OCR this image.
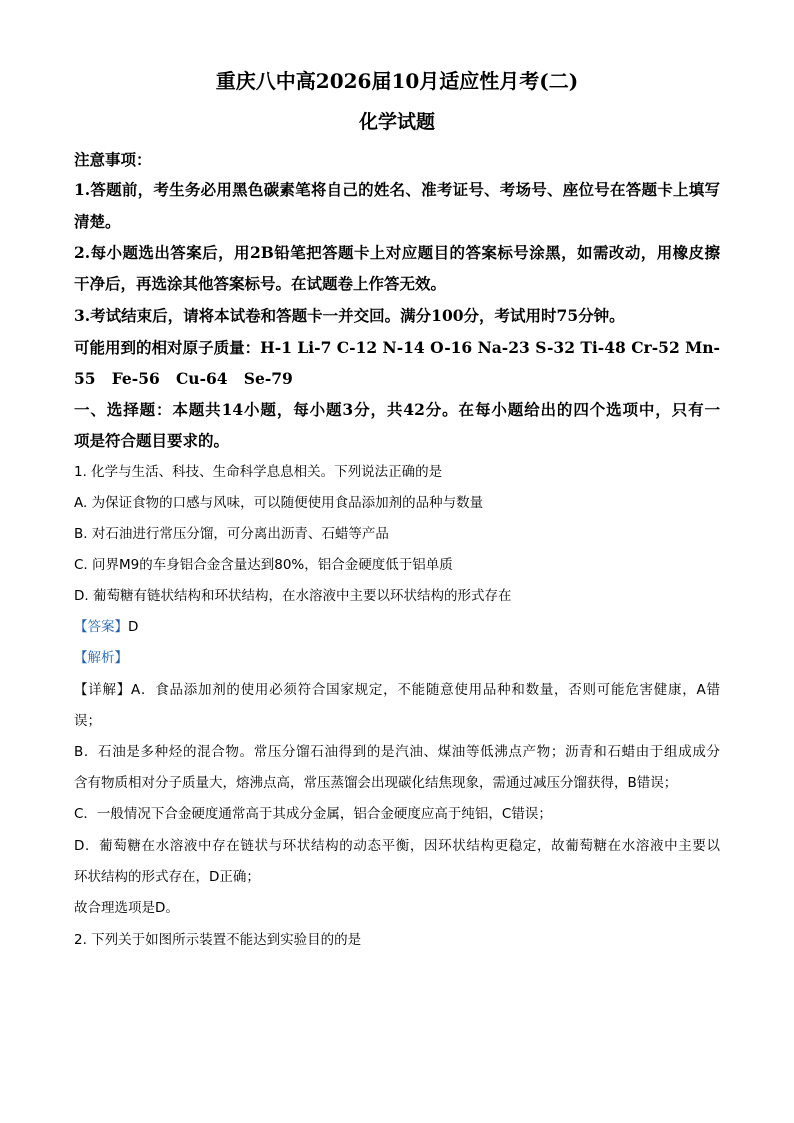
重庆八中高2026届10月适应性月考(二)
化学试题
注意事项：
1.答题前，考生务必用黑色碳素笔将自己的姓名、准考证号、考场号、座位号在答题卡上填写
清楚。
2.每小题选出答案后，用2B铅笔把答题卡上对应题目的答案标号涂黑，如需改动，用橡皮擦
干净后，再选涂其他答案标号。在试题卷上作答无效。
3.考试结束后，请将本试卷和答题卡一并交回。满分100分，考试用时75分钟。
可能用到的相对原子质量：H-1 Li-7 C-12 N-14 O-16 Na-23 S-32 Ti-48 Cr-52 Mn-
55   Fe-56   Cu-64   Se-79
一、选择题：本题共14小题，每小题3分，共42分。在每小题给出的四个选项中，只有一
项是符合题目要求的。
1. 化学与生活、科技、生命科学息息相关。下列说法正确的是
A. 为保证食物的口感与风味，可以随便使用食品添加剂的品种与数量
B. 对石油进行常压分馏，可分离出沥青、石蜡等产品
C. 问界M9的车身铝合金含量达到80%，铝合金硬度低于铝单质
D. 葡萄糖有链状结构和环状结构，在水溶液中主要以环状结构的形式存在
【答案】D
【解析】
【详解】A．食品添加剂的使用必须符合国家规定，不能随意使用品种和数量，否则可能危害健康，A错
误；
B．石油是多种烃的混合物。常压分馏石油得到的是汽油、煤油等低沸点产物；沥青和石蜡由于组成成分
含有物质相对分子质量大，熔沸点高，常压蒸馏会出现碳化结焦现象，需通过减压分馏获得，B错误；
C．一般情况下合金硬度通常高于其成分金属，铝合金硬度应高于纯铝，C错误；
D．葡萄糖在水溶液中存在链状与环状结构的动态平衡，因环状结构更稳定，故葡萄糖在水溶液中主要以
环状结构的形式存在，D正确；
故合理选项是D。
2. 下列关于如图所示装置不能达到实验目的的是
